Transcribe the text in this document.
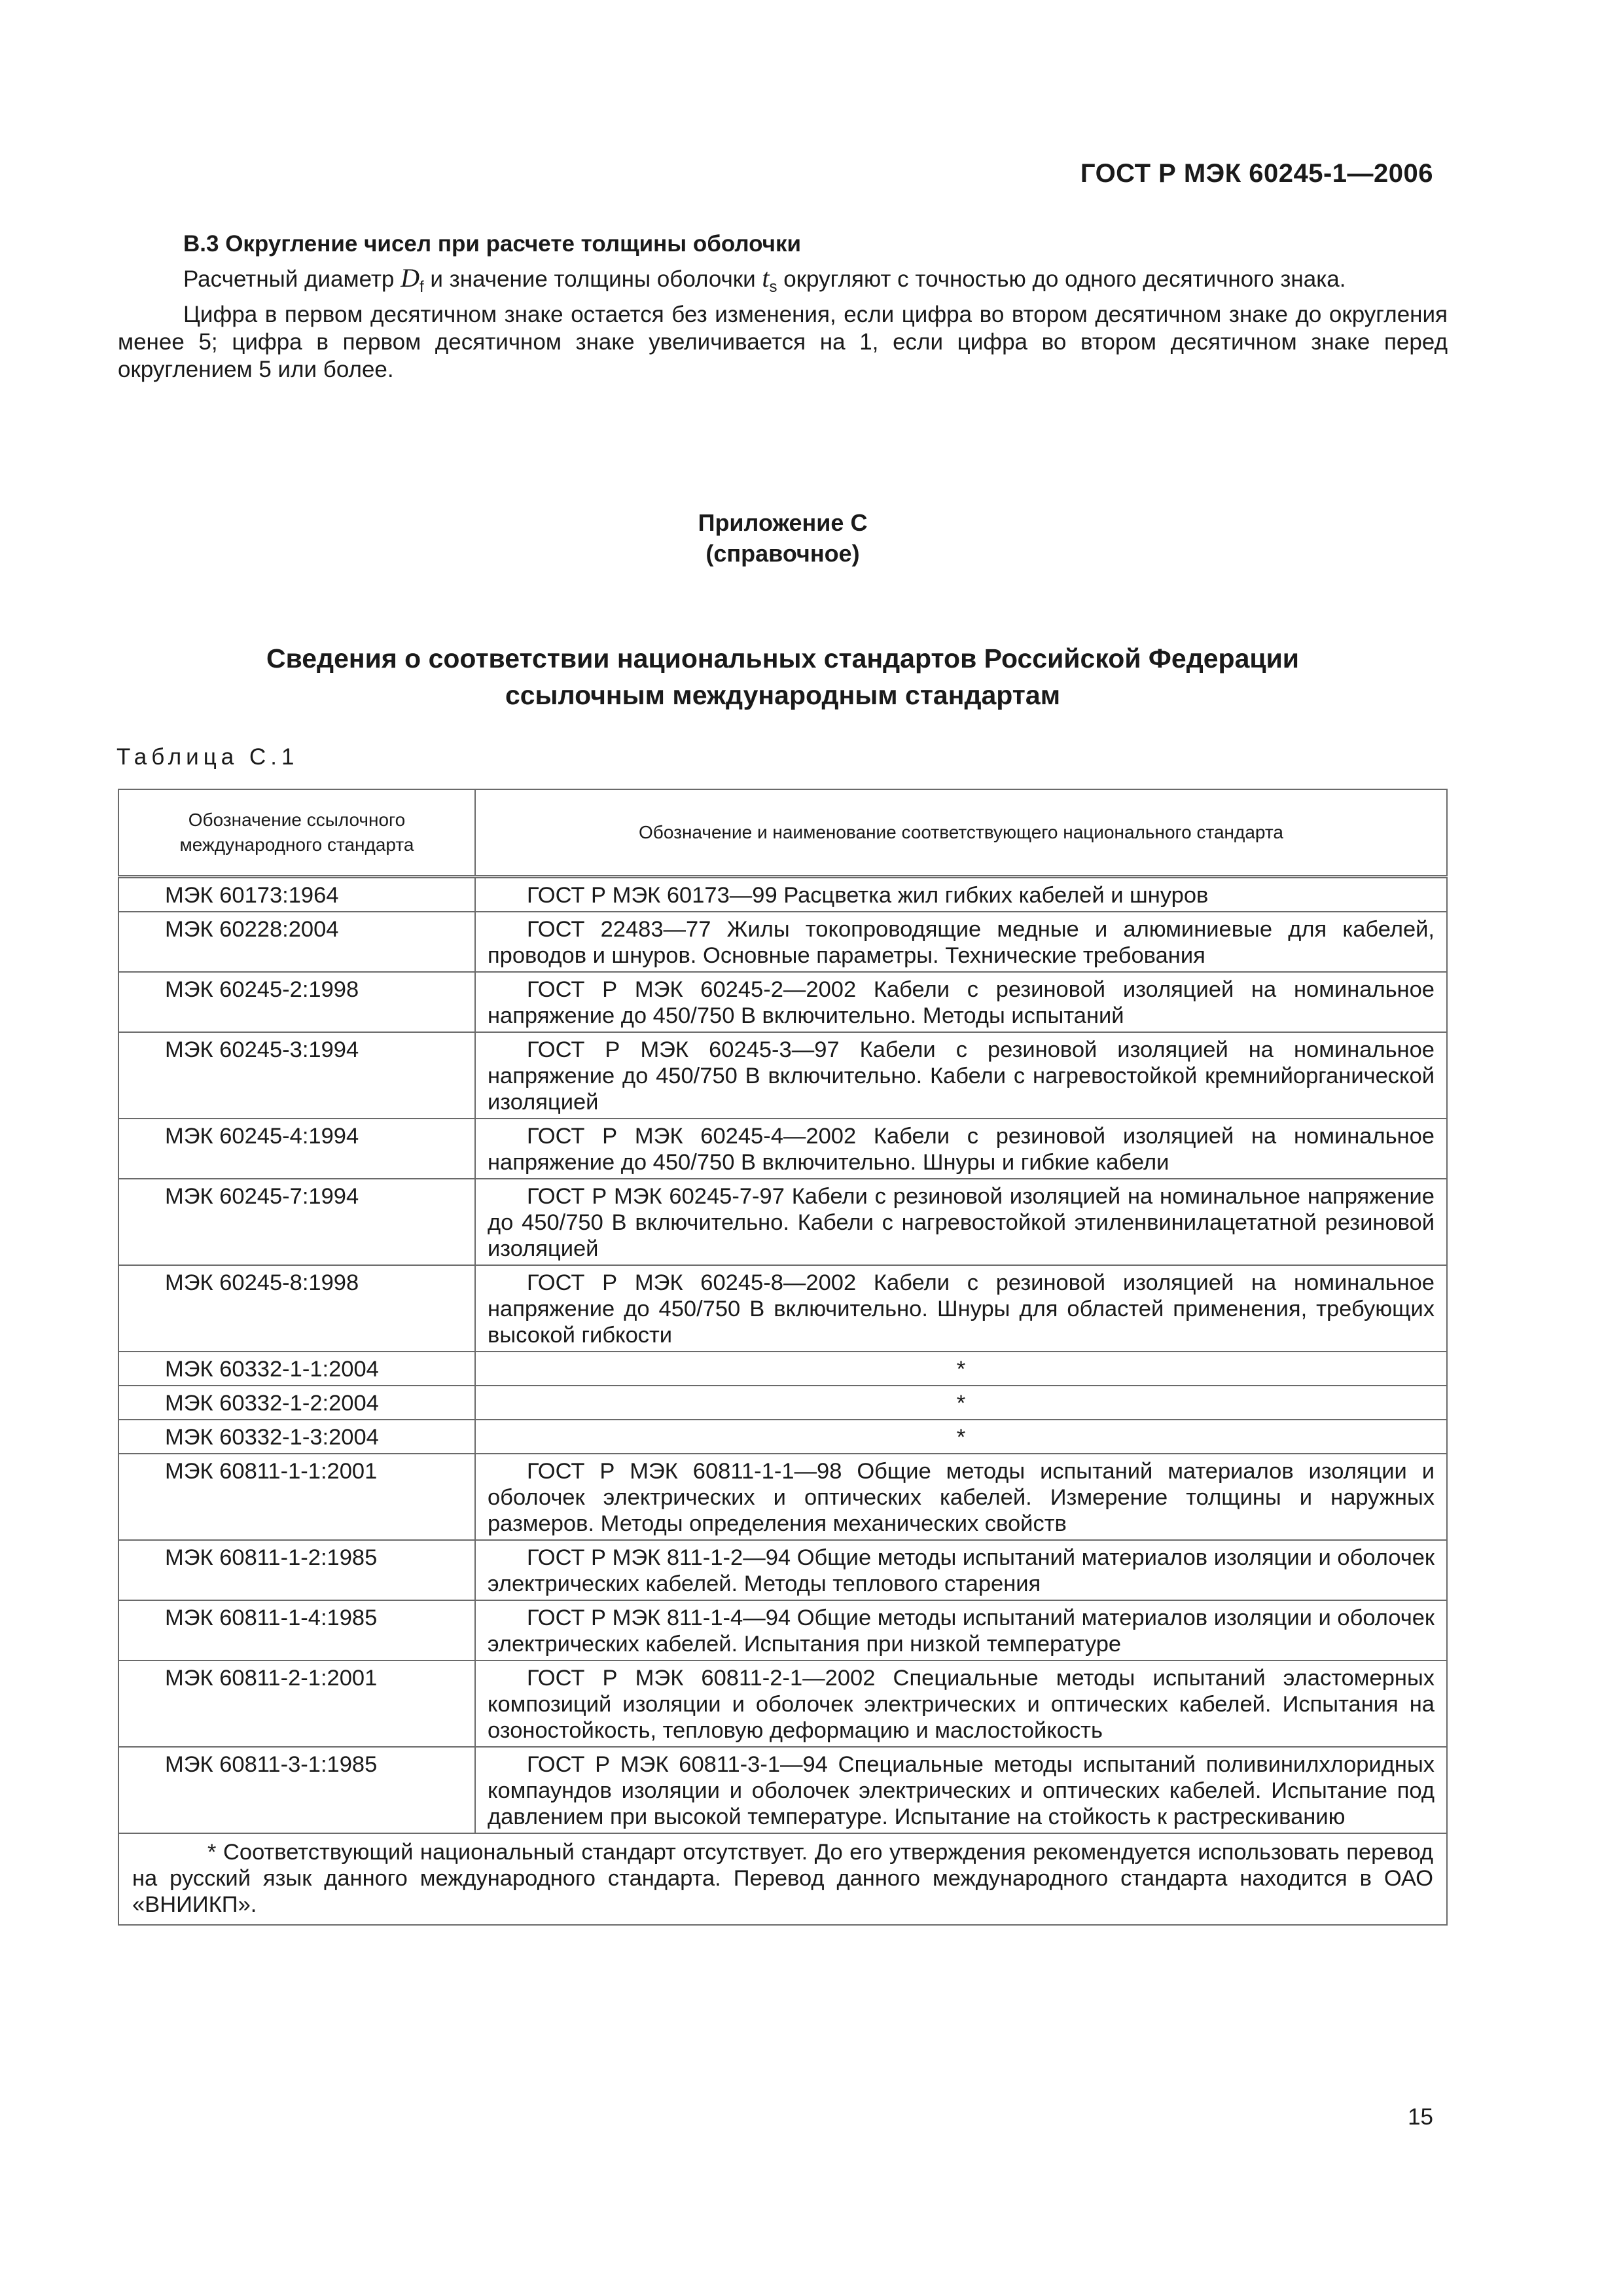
ГОСТ Р МЭК 60245-1—2006
В.3 Округление чисел при расчете толщины оболочки

Расчетный диаметр $D_f$ и значение толщины оболочки $t_s$ округляют с точностью до одного десятичного знака.

Цифра в первом десятичном знаке остается без изменения, если цифра во втором десятичном знаке до округления менее 5; цифра в первом десятичном знаке увеличивается на 1, если цифра во втором десятичном знаке перед округлением 5 или более.

Приложение С
(справочное)
Сведения о соответствии национальных стандартов Российской Федерации
ссылочным международным стандартам
Таблица С.1
Обозначение ссылочного международного стандарта	Обозначение и наименование соответствующего национального стандарта
МЭК 60173:1964	ГОСТ Р МЭК 60173—99 Расцветка жил гибких кабелей и шнуров
МЭК 60228:2004	ГОСТ 22483—77 Жилы токопроводящие медные и алюминиевые для кабелей, проводов и шнуров. Основные параметры. Технические требования
МЭК 60245-2:1998	ГОСТ Р МЭК 60245-2—2002 Кабели с резиновой изоляцией на номинальное напряжение до 450/750 В включительно. Методы испытаний
МЭК 60245-3:1994	ГОСТ Р МЭК 60245-3—97 Кабели с резиновой изоляцией на номинальное напряжение до 450/750 В включительно. Кабели с нагревостойкой кремнийорганической изоляцией
МЭК 60245-4:1994	ГОСТ Р МЭК 60245-4—2002 Кабели с резиновой изоляцией на номинальное напряжение до 450/750 В включительно. Шнуры и гибкие кабели
МЭК 60245-7:1994	ГОСТ Р МЭК 60245-7-97 Кабели с резиновой изоляцией на номинальное напряжение до 450/750 В включительно. Кабели с нагревостойкой этиленвинилацетатной резиновой изоляцией
МЭК 60245-8:1998	ГОСТ Р МЭК 60245-8—2002 Кабели с резиновой изоляцией на номинальное напряжение до 450/750 В включительно. Шнуры для областей применения, требующих высокой гибкости
МЭК 60332-1-1:2004	*
МЭК 60332-1-2:2004	*
МЭК 60332-1-3:2004	*
МЭК 60811-1-1:2001	ГОСТ Р МЭК 60811-1-1—98 Общие методы испытаний материалов изоляции и оболочек электрических и оптических кабелей. Измерение толщины и наружных размеров. Методы определения механических свойств
МЭК 60811-1-2:1985	ГОСТ Р МЭК 811-1-2—94 Общие методы испытаний материалов изоляции и оболочек электрических кабелей. Методы теплового старения
МЭК 60811-1-4:1985	ГОСТ Р МЭК 811-1-4—94 Общие методы испытаний материалов изоляции и оболочек электрических кабелей. Испытания при низкой температуре
МЭК 60811-2-1:2001	ГОСТ Р МЭК 60811-2-1—2002 Специальные методы испытаний эластомерных композиций изоляции и оболочек электрических и оптических кабелей. Испытания на озоностойкость, тепловую деформацию и маслостойкость
МЭК 60811-3-1:1985	ГОСТ Р МЭК 60811-3-1—94 Специальные методы испытаний поливинилхлоридных компаундов изоляции и оболочек электрических и оптических кабелей. Испытание под давлением при высокой температуре. Испытание на стойкость к растрескиванию
* Соответствующий национальный стандарт отсутствует. До его утверждения рекомендуется использовать перевод на русский язык данного международного стандарта. Перевод данного международного стандарта находится в ОАО «ВНИИКП».	
15
